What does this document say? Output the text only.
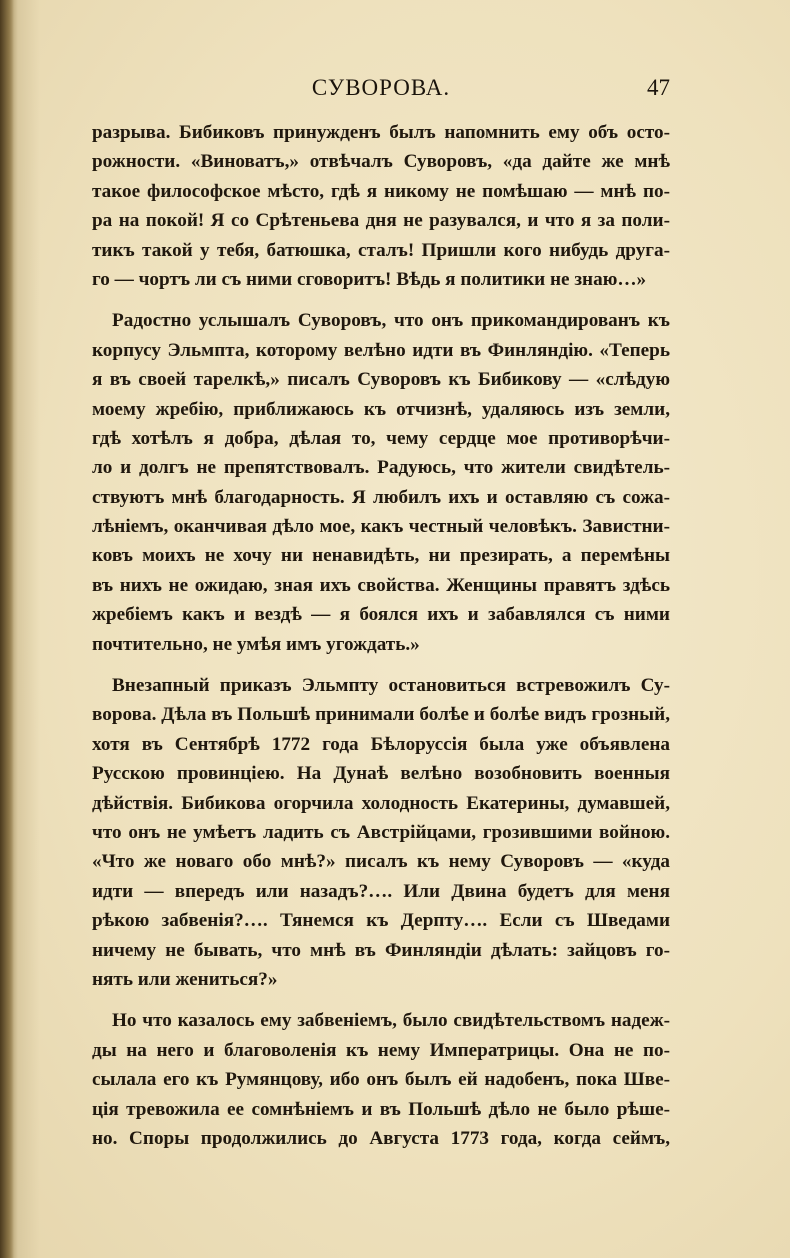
СУВОРОВА.	47
разрыва. Бибиковъ принужденъ былъ напомнить ему объ осто-
рожности. «Виноватъ,» отвѣчалъ Суворовъ, «да дайте же мнѣ
такое философское мѣсто, гдѣ я никому не помѣшаю — мнѣ по-
ра на покой! Я со Срѣтеньева дня не разувался, и что я за поли-
тикъ такой у тебя, батюшка, сталъ! Пришли кого нибудь друга-
го — чортъ ли съ ними сговоритъ! Вѣдь я политики не знаю…»
Радостно услышалъ Суворовъ, что онъ прикомандированъ къ
корпусу Эльмпта, которому велѣно идти въ Финляндію. «Теперь
я въ своей тарелкѣ,» писалъ Суворовъ къ Бибикову — «слѣдую
моему жребію, приближаюсь къ отчизнѣ, удаляюсь изъ земли,
гдѣ хотѣлъ я добра, дѣлая то, чему сердце мое противорѣчи-
ло и долгъ не препятствовалъ. Радуюсь, что жители свидѣтель-
ствуютъ мнѣ благодарность. Я любилъ ихъ и оставляю съ сожа-
лѣніемъ, оканчивая дѣло мое, какъ честный человѣкъ. Завистни-
ковъ моихъ не хочу ни ненавидѣть, ни презирать, а перемѣны
въ нихъ не ожидаю, зная ихъ свойства. Женщины правятъ здѣсь
жребіемъ какъ и вездѣ — я боялся ихъ и забавлялся съ ними
почтительно, не умѣя имъ угождать.»
Внезапный приказъ Эльмпту остановиться встревожилъ Су-
ворова. Дѣла въ Польшѣ принимали болѣе и болѣе видъ грозный,
хотя въ Сентябрѣ 1772 года Бѣлоруссія была уже объявлена
Русскою провинціею. На Дунаѣ велѣно возобновить военныя
дѣйствія. Бибикова огорчила холодность Екатерины, думавшей,
что онъ не умѣетъ ладить съ Австрійцами, грозившими войною.
«Что же новаго обо мнѣ?» писалъ къ нему Суворовъ — «куда
идти — впередъ или назадъ?…. Или Двина будетъ для меня
рѣкою забвенія?…. Тянемся къ Дерпту…. Если съ Шведами
ничему не бывать, что мнѣ въ Финляндіи дѣлать: зайцовъ го-
нять или жениться?»
Но что казалось ему забвеніемъ, было свидѣтельствомъ надеж-
ды на него и благоволенія къ нему Императрицы. Она не по-
сылала его къ Румянцову, ибо онъ былъ ей надобенъ, пока Шве-
ція тревожила ее сомнѣніемъ и въ Польшѣ дѣло не было рѣше-
но. Споры продолжились до Августа 1773 года, когда сеймъ,
